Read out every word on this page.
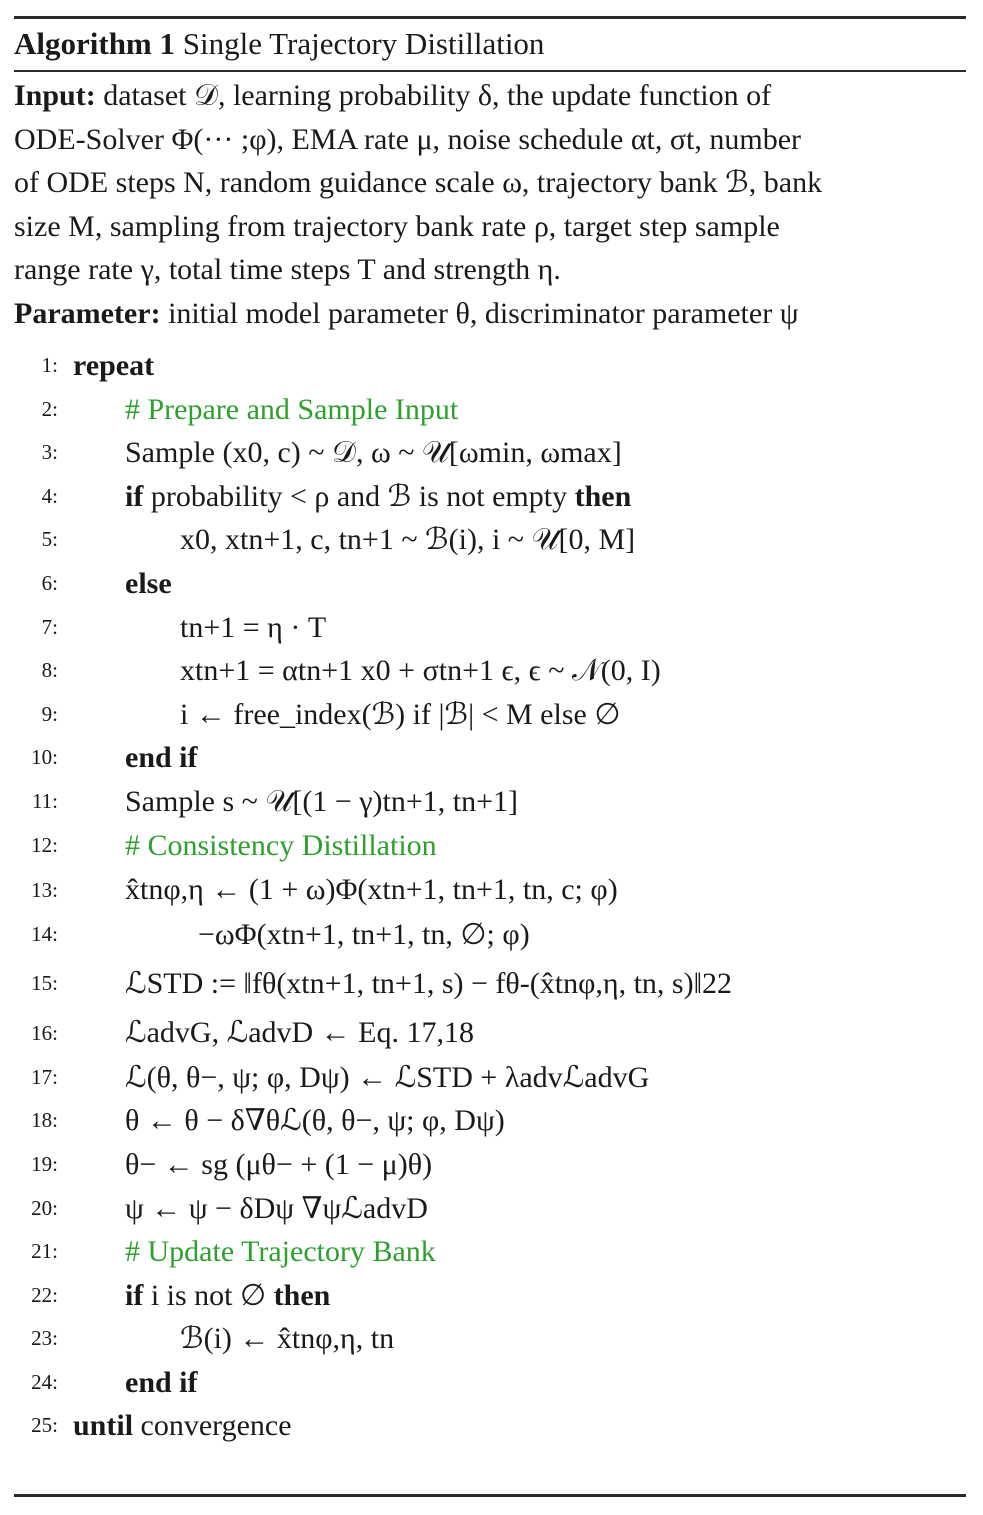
Algorithm 1 Single Trajectory Distillation
Input: dataset 𝒟, learning probability δ, the update function of
ODE-Solver Φ(··· ;φ), EMA rate μ, noise schedule αt, σt, number
of ODE steps N, random guidance scale ω, trajectory bank ℬ, bank
size M, sampling from trajectory bank rate ρ, target step sample
range rate γ, total time steps T and strength η.
Parameter: initial model parameter θ, discriminator parameter ψ
1: repeat
2: # Prepare and Sample Input
3: Sample (x0, c) ~ 𝒟, ω ~ 𝒰[ωmin, ωmax]
4: if probability < ρ and ℬ is not empty then
5:	x0, xtn+1, c, tn+1 ~ ℬ(i), i ~ 𝒰[0, M]
6: else
7:	tn+1 = η · T
8:	xtn+1 = αtn+1 x0 + σtn+1 ϵ, ϵ ~ 𝒩(0, I)
9:	i ← free_index(ℬ) if |ℬ| < M else ∅
10: end if
11: Sample s ~ 𝒰[(1 − γ)tn+1, tn+1]
12: # Consistency Distillation
13: x̂tnφ,η ← (1 + ω)Φ(xtn+1, tn+1, tn, c; φ)
14:	−ωΦ(xtn+1, tn+1, tn, ∅; φ)
15: ℒSTD := ‖fθ(xtn+1, tn+1, s) − fθ-(x̂tnφ,η, tn, s)‖22
16: ℒadvG, ℒadvD ← Eq. 17,18
17: ℒ(θ, θ−, ψ; φ, Dψ) ← ℒSTD + λadvℒadvG
18: θ ← θ − δ∇θℒ(θ, θ−, ψ; φ, Dψ)
19: θ− ← sg (μθ− + (1 − μ)θ)
20: ψ ← ψ − δDψ ∇ψℒadvD
21: # Update Trajectory Bank
22: if i is not ∅ then
23:	ℬ(i) ← x̂tnφ,η, tn
24: end if
25: until convergence
